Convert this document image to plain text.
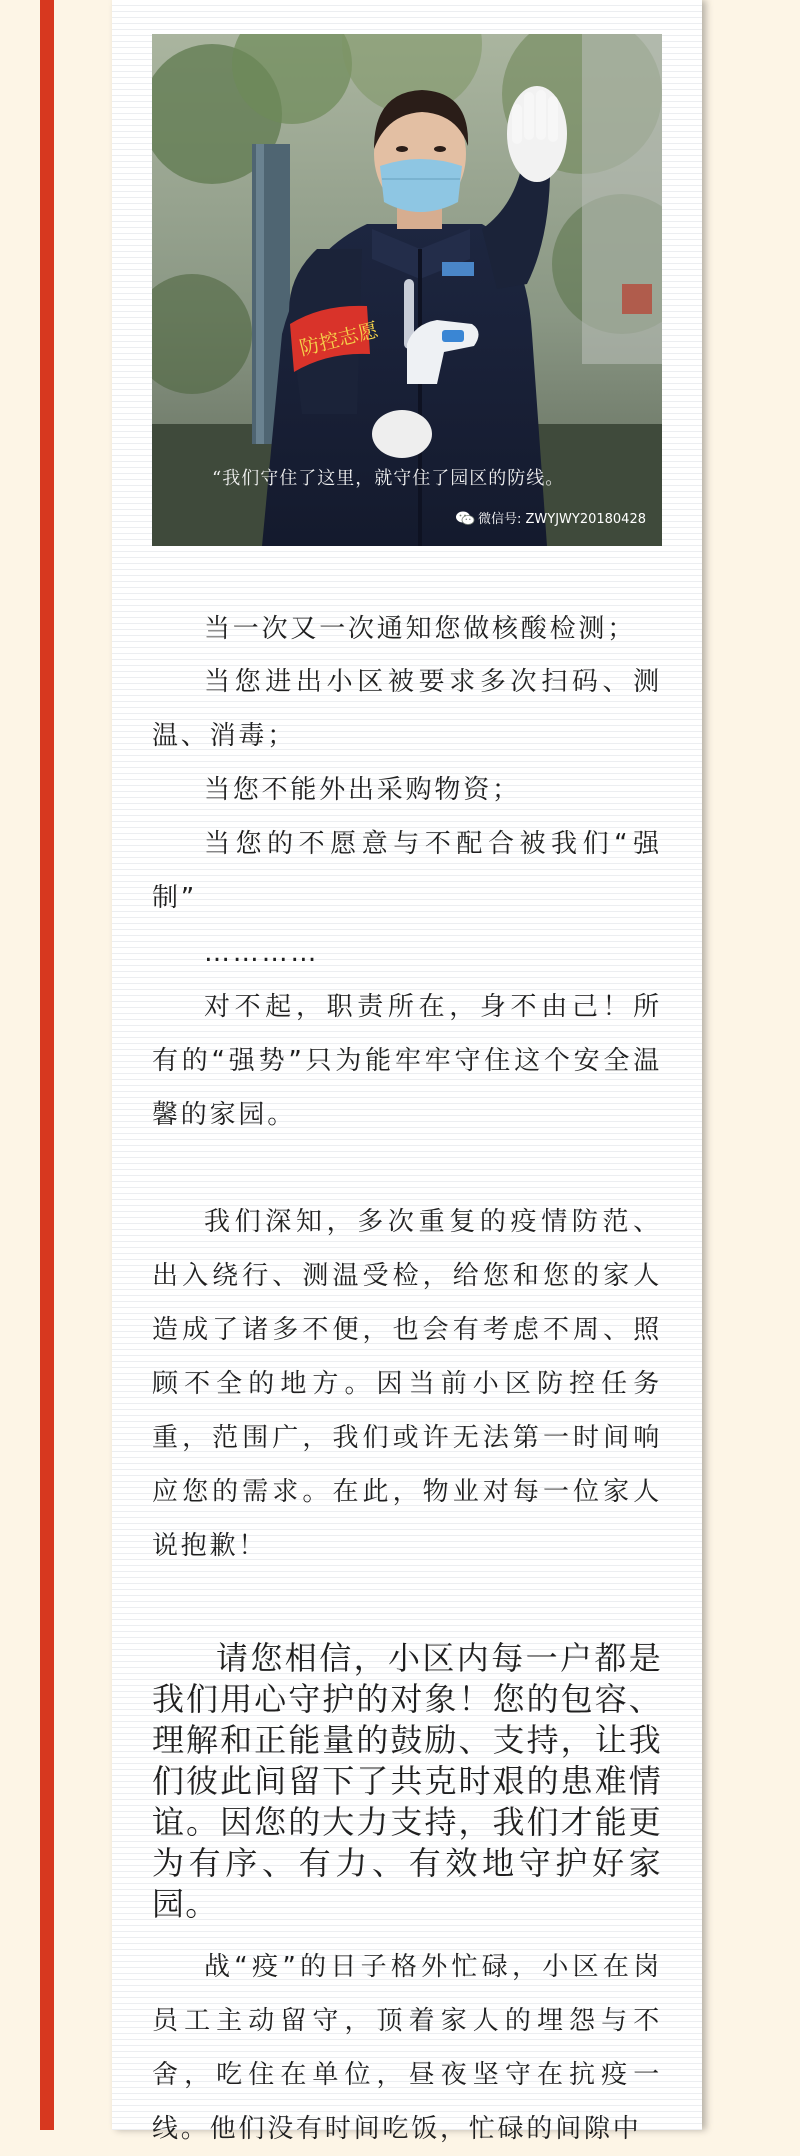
防控志愿
“我们守住了这里，就守住了园区的防线。
微信号: ZWYJWY20180428

当一次又一次通知您做核酸检测；

当您进出小区被要求多次扫码、测温、消毒；

当您不能外出采购物资；

当您的不愿意与不配合被我们“强制”

…………

对不起，职责所在，身不由己！所有的“强势”只为能牢牢守住这个安全温馨的家园。

我们深知，多次重复的疫情防范、出入绕行、测温受检，给您和您的家人造成了诸多不便，也会有考虑不周、照顾不全的地方。因当前小区防控任务重，范围广，我们或许无法第一时间响应您的需求。在此，物业对每一位家人说抱歉！

请您相信，小区内每一户都是我们用心守护的对象！您的包容、理解和正能量的鼓励、支持，让我们彼此间留下了共克时艰的患难情谊。因您的大力支持，我们才能更为有序、有力、有效地守护好家园。

战“疫”的日子格外忙碌，小区在岗员工主动留守，顶着家人的埋怨与不舍，吃住在单位，昼夜坚守在抗疫一线。他们没有时间吃饭，忙碌的间隙中
